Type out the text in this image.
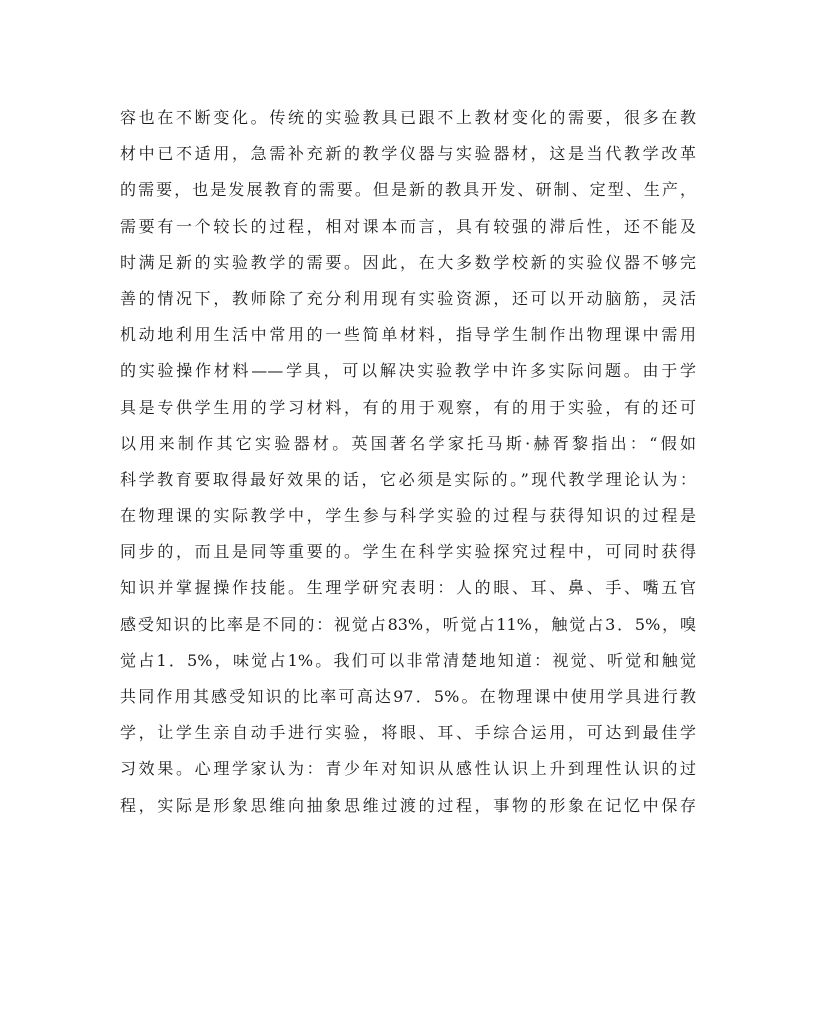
容也在不断变化。传统的实验教具已跟不上教材变化的需要，很多在教
材中已不适用，急需补充新的教学仪器与实验器材，这是当代教学改革
的需要，也是发展教育的需要。但是新的教具开发、研制、定型、生产，
需要有一个较长的过程，相对课本而言，具有较强的滞后性，还不能及
时满足新的实验教学的需要。因此，在大多数学校新的实验仪器不够完
善的情况下，教师除了充分利用现有实验资源，还可以开动脑筋，灵活
机动地利用生活中常用的一些简单材料，指导学生制作出物理课中需用
的实验操作材料——学具，可以解决实验教学中许多实际问题。由于学
具是专供学生用的学习材料，有的用于观察，有的用于实验，有的还可
以用来制作其它实验器材。英国著名学家托马斯·赫胥黎指出：“假如
科学教育要取得最好效果的话，它必须是实际的。”现代教学理论认为：
在物理课的实际教学中，学生参与科学实验的过程与获得知识的过程是
同步的，而且是同等重要的。学生在科学实验探究过程中，可同时获得
知识并掌握操作技能。生理学研究表明：人的眼、耳、鼻、手、嘴五官
感受知识的比率是不同的：视觉占83%，听觉占11%，触觉占3．5%，嗅
觉占1．5%，味觉占1%。我们可以非常清楚地知道：视觉、听觉和触觉
共同作用其感受知识的比率可高达97．5%。在物理课中使用学具进行教
学，让学生亲自动手进行实验，将眼、耳、手综合运用，可达到最佳学
习效果。心理学家认为：青少年对知识从感性认识上升到理性认识的过
程，实际是形象思维向抽象思维过渡的过程，事物的形象在记忆中保存
